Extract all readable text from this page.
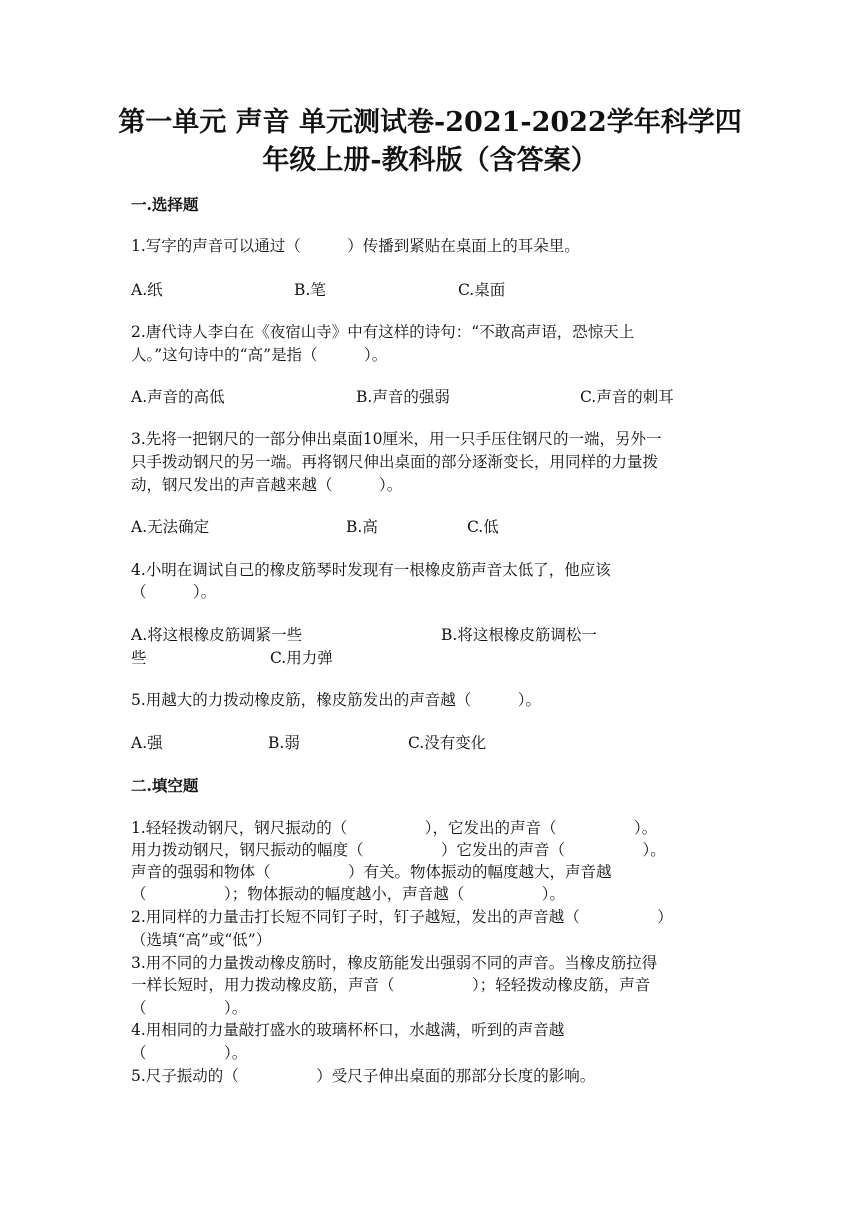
第一单元 声音 单元测试卷-2021-2022学年科学四
年级上册-教科版（含答案）
一.选择题
1.写字的声音可以通过（　　　）传播到紧贴在桌面上的耳朵里。
A.纸	B.笔	C.桌面
2.唐代诗人李白在《夜宿山寺》中有这样的诗句：“不敢高声语，恐惊天上
人。”这句诗中的“高”是指（　　　）。
A.声音的高低	B.声音的强弱	C.声音的刺耳
3.先将一把钢尺的一部分伸出桌面10厘米，用一只手压住钢尺的一端，另外一
只手拨动钢尺的另一端。再将钢尺伸出桌面的部分逐渐变长，用同样的力量拨
动，钢尺发出的声音越来越（　　　）。
A.无法确定	B.高	C.低
4.小明在调试自己的橡皮筋琴时发现有一根橡皮筋声音太低了，他应该
（　　　）。
A.将这根橡皮筋调紧一些	B.将这根橡皮筋调松一
些	C.用力弹
5.用越大的力拨动橡皮筋，橡皮筋发出的声音越（　　　）。
A.强	B.弱	C.没有变化
二.填空题
1.轻轻拨动钢尺，钢尺振动的（　　　　　），它发出的声音（　　　　　）。
用力拨动钢尺，钢尺振动的幅度（　　　　　）它发出的声音（　　　　　）。
声音的强弱和物体（　　　　　）有关。物体振动的幅度越大，声音越
（　　　　　）；物体振动的幅度越小，声音越（　　　　　）。
2.用同样的力量击打长短不同钉子时，钉子越短，发出的声音越（　　　　　）
（选填“高”或“低”）
3.用不同的力量拨动橡皮筋时，橡皮筋能发出强弱不同的声音。当橡皮筋拉得
一样长短时，用力拨动橡皮筋，声音（　　　　　）；轻轻拨动橡皮筋，声音
（　　　　　）。
4.用相同的力量敲打盛水的玻璃杯杯口，水越满，听到的声音越
（　　　　　）。
5.尺子振动的（　　　　　）受尺子伸出桌面的那部分长度的影响。
